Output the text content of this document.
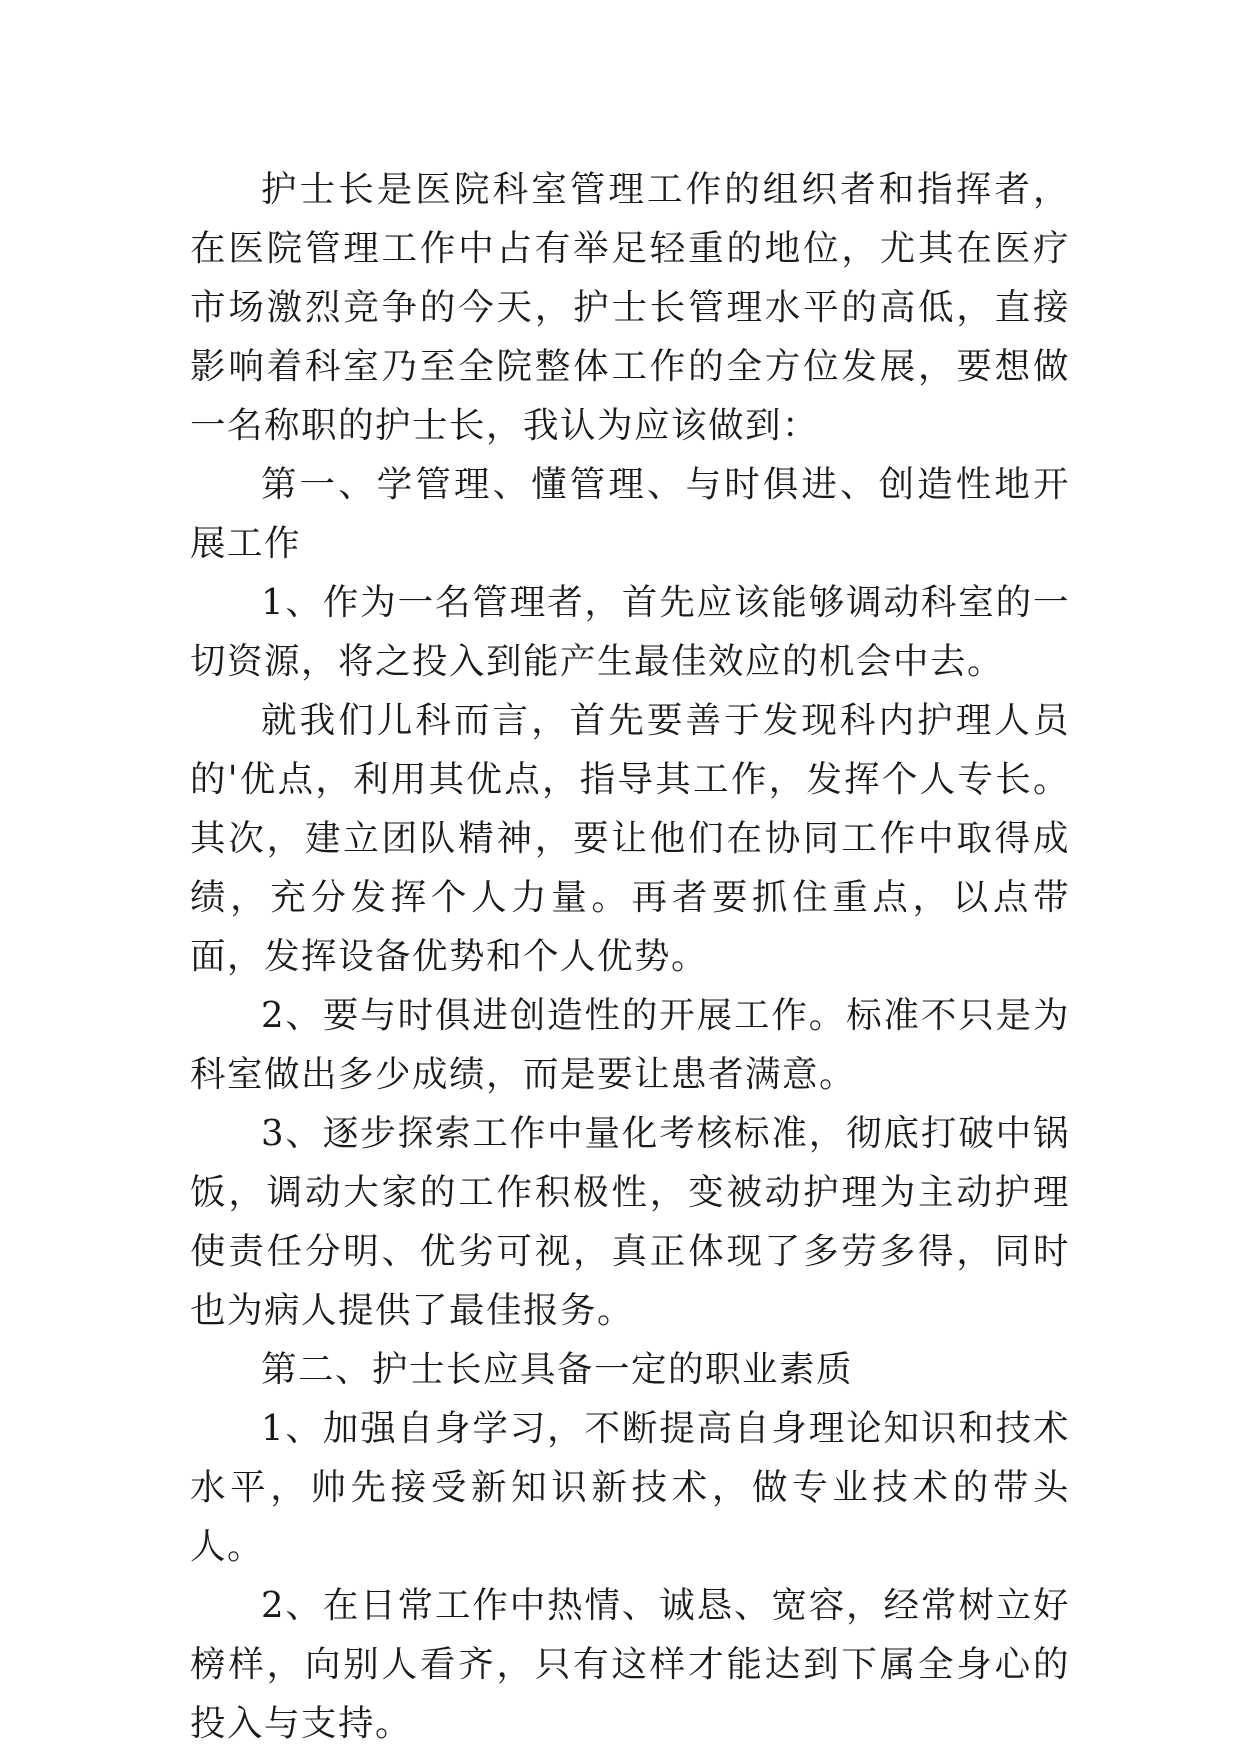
护士长是医院科室管理工作的组织者和指挥者，在医院管理工作中占有举足轻重的地位，尤其在医疗市场激烈竞争的今天，护士长管理水平的高低，直接影响着科室乃至全院整体工作的全方位发展，要想做一名称职的护士长，我认为应该做到：

第一、学管理、懂管理、与时俱进、创造性地开展工作

1、作为一名管理者，首先应该能够调动科室的一切资源，将之投入到能产生最佳效应的机会中去。

就我们儿科而言，首先要善于发现科内护理人员的'优点，利用其优点，指导其工作，发挥个人专长。其次，建立团队精神，要让他们在协同工作中取得成绩，充分发挥个人力量。再者要抓住重点，以点带面，发挥设备优势和个人优势。

2、要与时俱进创造性的开展工作。标准不只是为科室做出多少成绩，而是要让患者满意。

3、逐步探索工作中量化考核标准，彻底打破中锅饭，调动大家的工作积极性，变被动护理为主动护理使责任分明、优劣可视，真正体现了多劳多得，同时也为病人提供了最佳报务。

第二、护士长应具备一定的职业素质

1、加强自身学习，不断提高自身理论知识和技术水平，帅先接受新知识新技术，做专业技术的带头人。

2、在日常工作中热情、诚恳、宽容，经常树立好榜样，向别人看齐，只有这样才能达到下属全身心的投入与支持。
